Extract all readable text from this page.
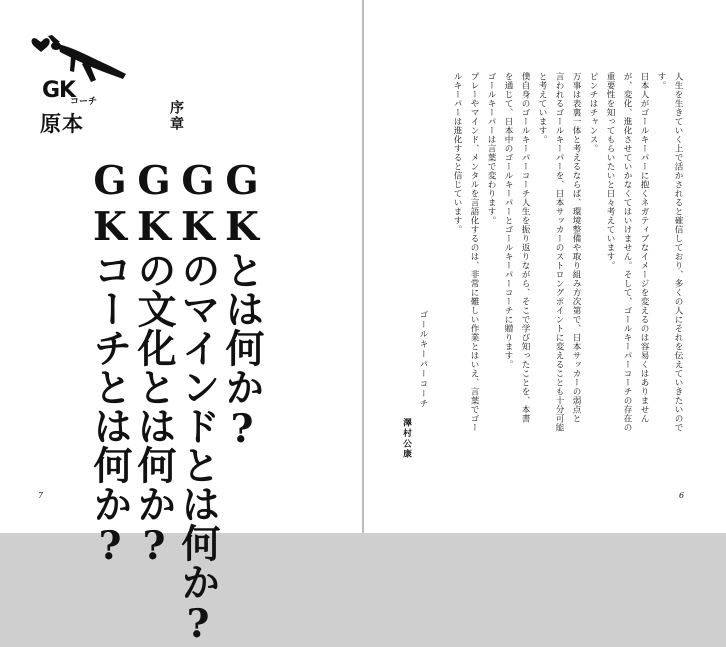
GK

コーチ

原本	序章
GKとは何か?
GKのマインドとは何か?
GKの文化とは何か?
GKコーチとは何か?
7
人生を生きていく上で活かされると確信しており、多くの人にそれを伝えていきたいので
す。
日本人がゴールキーパーに抱くネガティブなイメージを変えるのは容易くはありません
が、変化、進化させていかなくてはいけません。そして、ゴールキーパーコーチの存在の
重要性を知ってもらいたいと日々考えています。
ピンチはチャンス。
万事は表裏一体と考えるならば、環境整備や取り組み方次第で、日本サッカーの弱点と
言われるゴールキーパーを、日本サッカーのストロングポイントに変えることも十分可能
と考えています。
僕自身のゴールキーパーコーチ人生を振り返りながら、そこで学び知ったことを、本書
を通じて、日本中のゴールキーパーとゴールキーパーコーチに贈ります。
ゴールキーパーは言葉で変わります。
プレーやマインド、メンタルを言語化するのは、非常に難しい作業とはいえ、言葉でゴー
ルキーパーは進化すると信じています。
ゴールキーパーコーチ
澤村公康
6
